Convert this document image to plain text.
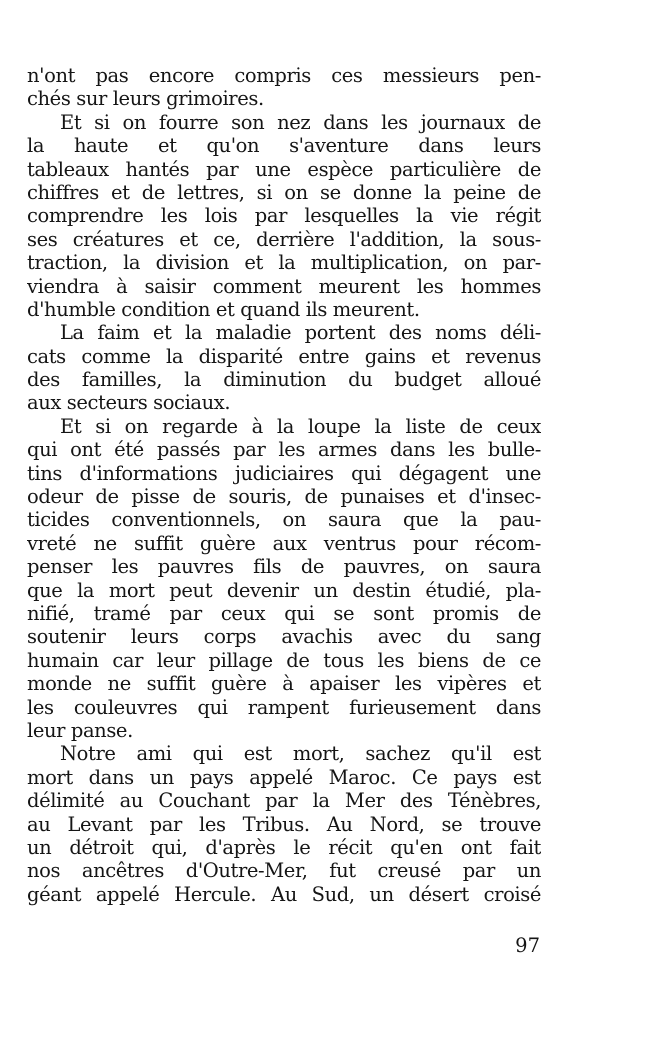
n'ont pas encore compris ces messieurs pen-
chés sur leurs grimoires.
Et si on fourre son nez dans les journaux de
la haute et qu'on s'aventure dans leurs
tableaux hantés par une espèce particulière de
chiffres et de lettres, si on se donne la peine de
comprendre les lois par lesquelles la vie régit
ses créatures et ce, derrière l'addition, la sous-
traction, la division et la multiplication, on par-
viendra à saisir comment meurent les hommes
d'humble condition et quand ils meurent.
La faim et la maladie portent des noms déli-
cats comme la disparité entre gains et revenus
des familles, la diminution du budget alloué
aux secteurs sociaux.
Et si on regarde à la loupe la liste de ceux
qui ont été passés par les armes dans les bulle-
tins d'informations judiciaires qui dégagent une
odeur de pisse de souris, de punaises et d'insec-
ticides conventionnels, on saura que la pau-
vreté ne suffit guère aux ventrus pour récom-
penser les pauvres fils de pauvres, on saura
que la mort peut devenir un destin étudié, pla-
nifié, tramé par ceux qui se sont promis de
soutenir leurs corps avachis avec du sang
humain car leur pillage de tous les biens de ce
monde ne suffit guère à apaiser les vipères et
les couleuvres qui rampent furieusement dans
leur panse.
Notre ami qui est mort, sachez qu'il est
mort dans un pays appelé Maroc. Ce pays est
délimité au Couchant par la Mer des Ténèbres,
au Levant par les Tribus. Au Nord, se trouve
un détroit qui, d'après le récit qu'en ont fait
nos ancêtres d'Outre-Mer, fut creusé par un
géant appelé Hercule. Au Sud, un désert croisé
97
